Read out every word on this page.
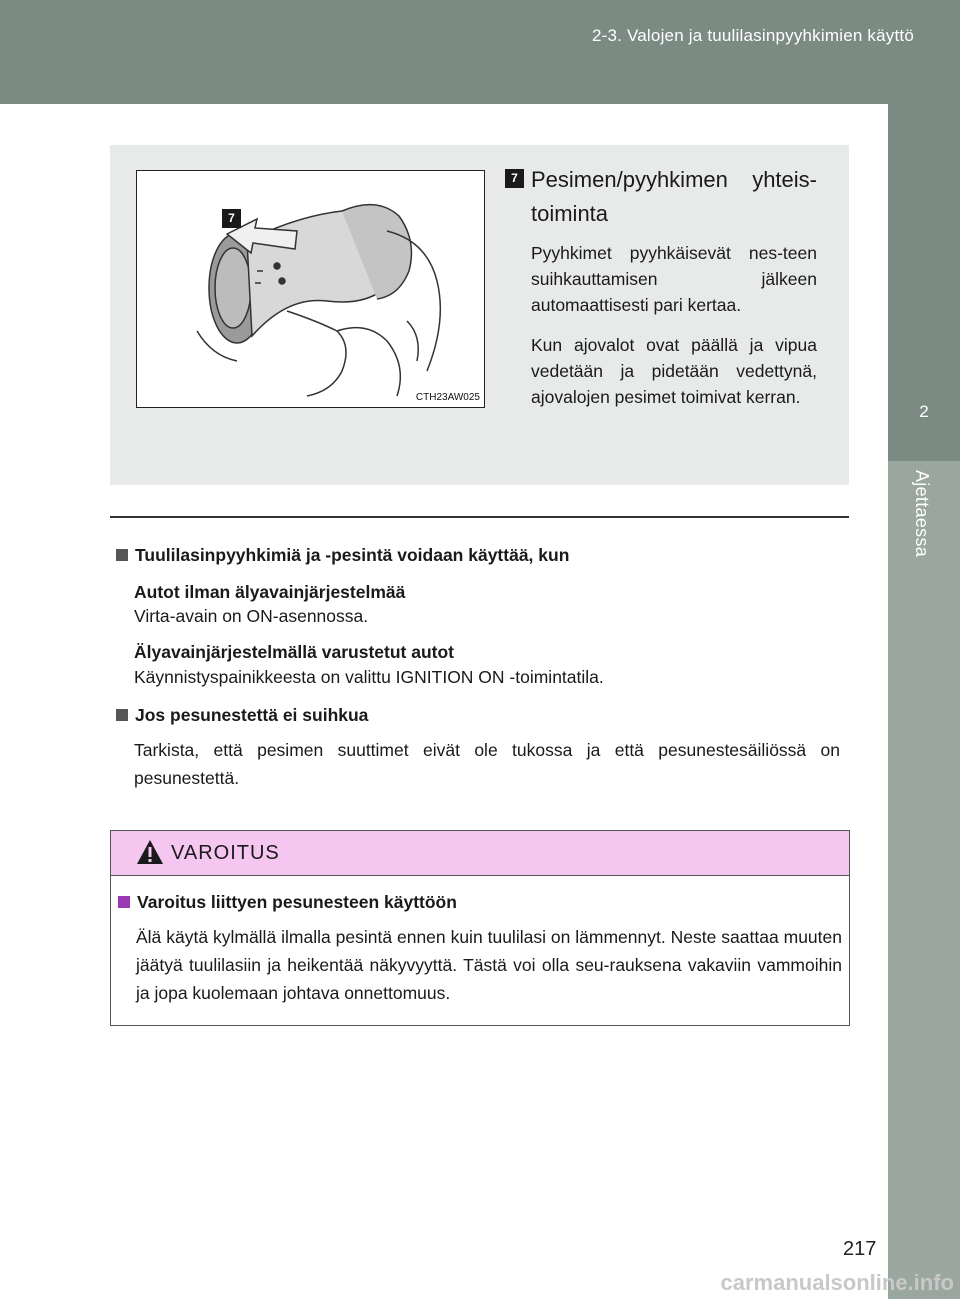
2-3. Valojen ja tuulilasinpyyhkimien käyttö
2
Ajettaessa
7
CTH23AW025
7 Pesimen/pyyhkimen yhteis-toiminta
Pyyhkimet pyyhkäisevät nes-teen suihkauttamisen jälkeen automaattisesti pari kertaa.
Kun ajovalot ovat päällä ja vipua vedetään ja pidetään vedettynä, ajovalojen pesimet toimivat kerran.
Tuulilasinpyyhkimiä ja -pesintä voidaan käyttää, kun
Autot ilman älyavainjärjestelmää
Virta-avain on ON-asennossa.
Älyavainjärjestelmällä varustetut autot
Käynnistyspainikkeesta on valittu IGNITION ON -toimintatila.
Jos pesunestettä ei suihkua
Tarkista, että pesimen suuttimet eivät ole tukossa ja että pesunestesäiliössä on pesunestettä.
VAROITUS
Varoitus liittyen pesunesteen käyttöön
Älä käytä kylmällä ilmalla pesintä ennen kuin tuulilasi on lämmennyt. Neste saattaa muuten jäätyä tuulilasiin ja heikentää näkyvyyttä. Tästä voi olla seu-rauksena vakaviin vammoihin ja jopa kuolemaan johtava onnettomuus.
217
carmanualsonline.info
